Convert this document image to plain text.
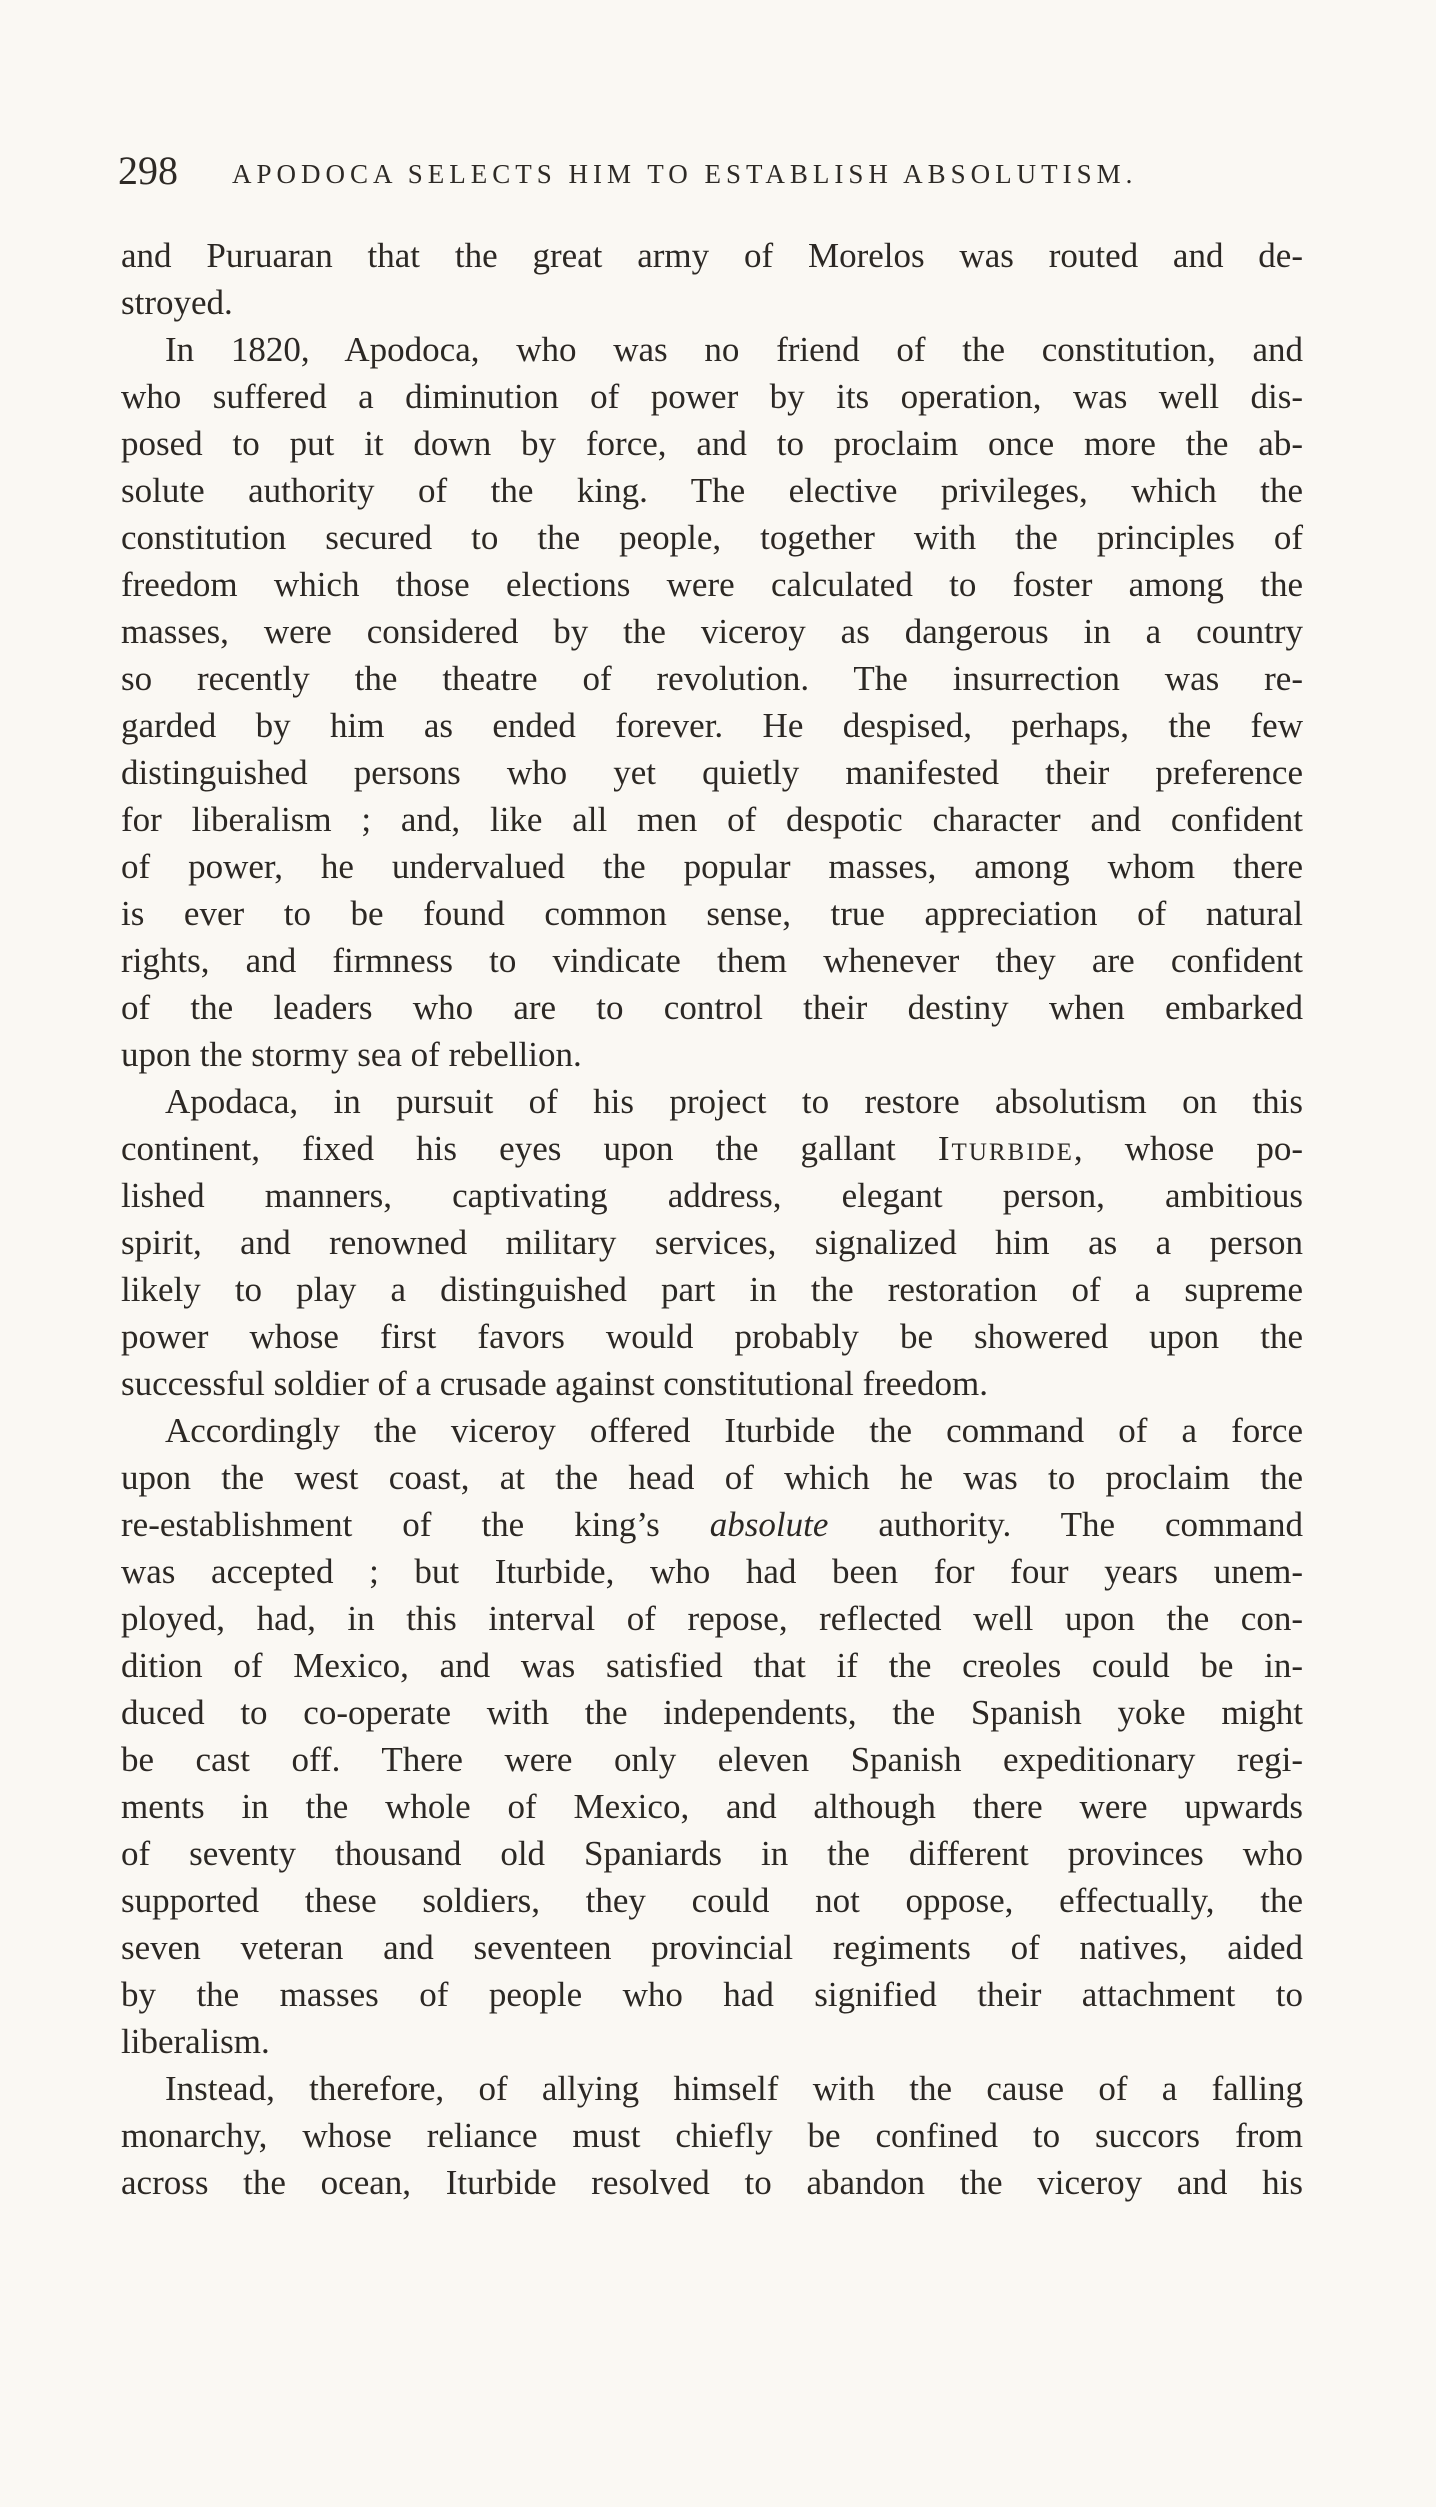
298 APODOCA SELECTS HIM TO ESTABLISH ABSOLUTISM.
and Puruaran that the great army of Morelos was routed and de-
stroyed.
In 1820, Apodoca, who was no friend of the constitution, and
who suffered a diminution of power by its operation, was well dis-
posed to put it down by force, and to proclaim once more the ab-
solute authority of the king. The elective privileges, which the
constitution secured to the people, together with the principles of
freedom which those elections were calculated to foster among the
masses, were considered by the viceroy as dangerous in a country
so recently the theatre of revolution. The insurrection was re-
garded by him as ended forever. He despised, perhaps, the few
distinguished persons who yet quietly manifested their preference
for liberalism ; and, like all men of despotic character and confident
of power, he undervalued the popular masses, among whom there
is ever to be found common sense, true appreciation of natural
rights, and firmness to vindicate them whenever they are confident
of the leaders who are to control their destiny when embarked
upon the stormy sea of rebellion.
Apodaca, in pursuit of his project to restore absolutism on this
continent, fixed his eyes upon the gallant Iturbide, whose po-
lished manners, captivating address, elegant person, ambitious
spirit, and renowned military services, signalized him as a person
likely to play a distinguished part in the restoration of a supreme
power whose first favors would probably be showered upon the
successful soldier of a crusade against constitutional freedom.
Accordingly the viceroy offered Iturbide the command of a force
upon the west coast, at the head of which he was to proclaim the
re-establishment of the king’s absolute authority. The command
was accepted ; but Iturbide, who had been for four years unem-
ployed, had, in this interval of repose, reflected well upon the con-
dition of Mexico, and was satisfied that if the creoles could be in-
duced to co-operate with the independents, the Spanish yoke might
be cast off. There were only eleven Spanish expeditionary regi-
ments in the whole of Mexico, and although there were upwards
of seventy thousand old Spaniards in the different provinces who
supported these soldiers, they could not oppose, effectually, the
seven veteran and seventeen provincial regiments of natives, aided
by the masses of people who had signified their attachment to
liberalism.
Instead, therefore, of allying himself with the cause of a falling
monarchy, whose reliance must chiefly be confined to succors from
across the ocean, Iturbide resolved to abandon the viceroy and his
